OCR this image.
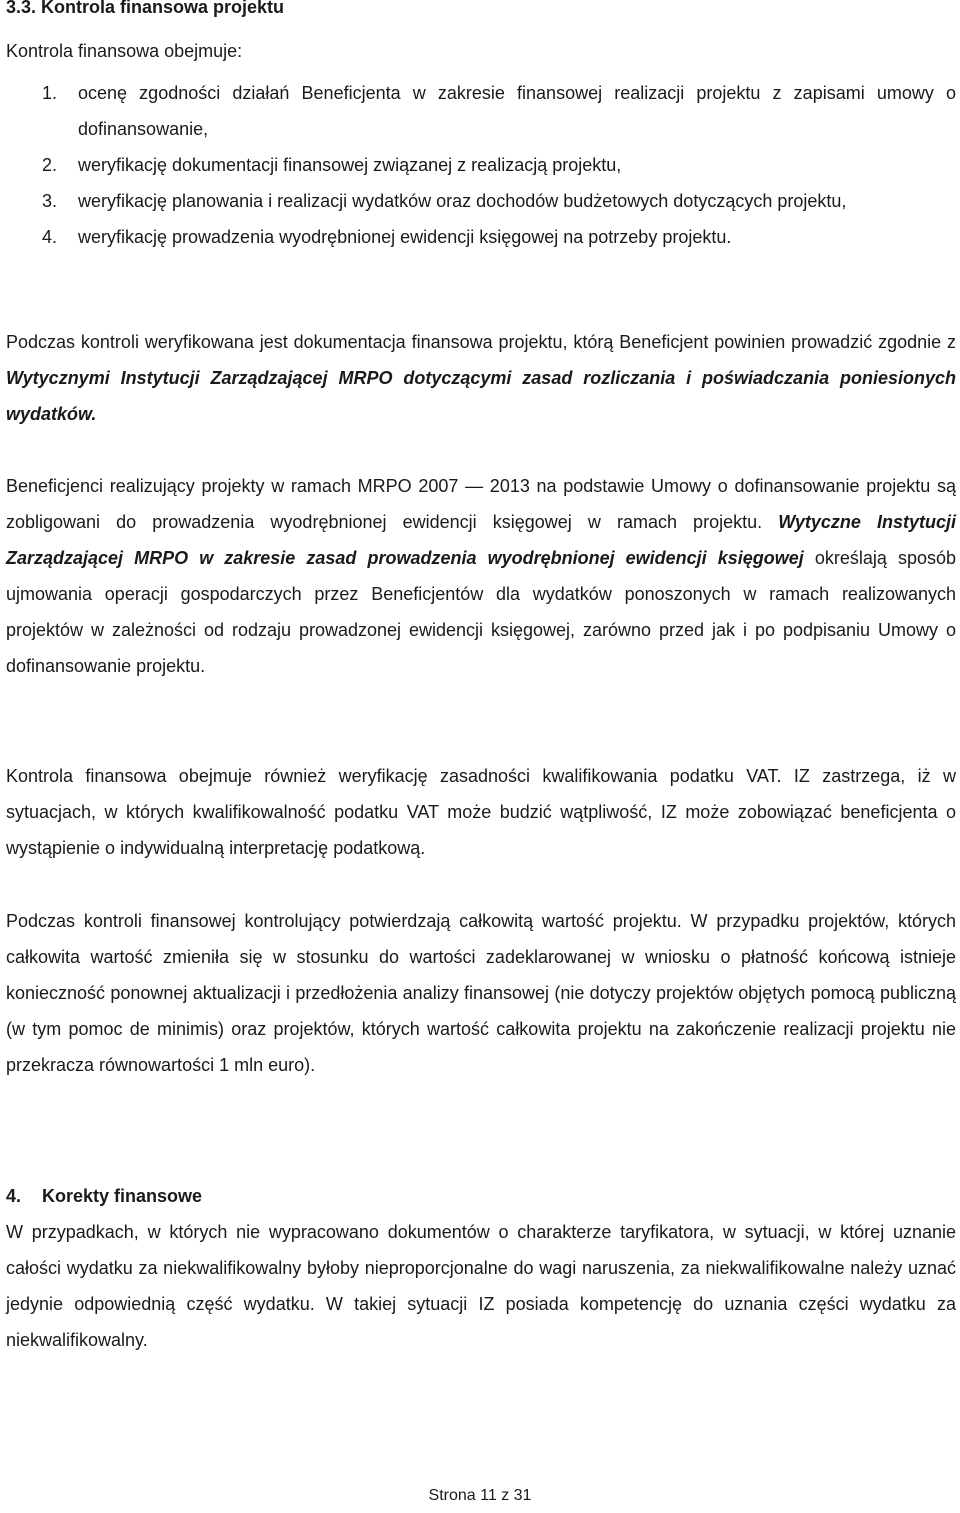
3.3. Kontrola finansowa projektu
Kontrola finansowa obejmuje:
1. ocenę zgodności działań Beneficjenta w zakresie finansowej realizacji projektu z zapisami umowy o dofinansowanie,
2. weryfikację dokumentacji finansowej związanej z realizacją projektu,
3. weryfikację planowania i realizacji wydatków oraz dochodów budżetowych dotyczących projektu,
4. weryfikację prowadzenia wyodrębnionej ewidencji księgowej na potrzeby projektu.
Podczas kontroli weryfikowana jest dokumentacja finansowa projektu, którą Beneficjent powinien prowadzić zgodnie z Wytycznymi Instytucji Zarządzającej MRPO dotyczącymi zasad rozliczania i poświadczania poniesionych wydatków.
Beneficjenci realizujący projekty w ramach MRPO 2007 — 2013 na podstawie Umowy o dofinansowanie projektu są zobligowani do prowadzenia wyodrębnionej ewidencji księgowej w ramach projektu. Wytyczne Instytucji Zarządzającej MRPO w zakresie zasad prowadzenia wyodrębnionej ewidencji księgowej określają sposób ujmowania operacji gospodarczych przez Beneficjentów dla wydatków ponoszonych w ramach realizowanych projektów w zależności od rodzaju prowadzonej ewidencji księgowej, zarówno przed jak i po podpisaniu Umowy o dofinansowanie projektu.
Kontrola finansowa obejmuje również weryfikację zasadności kwalifikowania podatku VAT. IZ zastrzega, iż w sytuacjach, w których kwalifikowalność podatku VAT może budzić wątpliwość, IZ może zobowiązać beneficjenta o wystąpienie o indywidualną interpretację podatkową.
Podczas kontroli finansowej kontrolujący potwierdzają całkowitą wartość projektu. W przypadku projektów, których całkowita wartość zmieniła się w stosunku do wartości zadeklarowanej w wniosku o płatność końcową istnieje konieczność ponownej aktualizacji i przedłożenia analizy finansowej (nie dotyczy projektów objętych pomocą publiczną (w tym pomoc de minimis) oraz projektów, których wartość całkowita projektu na zakończenie realizacji projektu nie przekracza równowartości 1 mln euro).
4. Korekty finansowe
W przypadkach, w których nie wypracowano dokumentów o charakterze taryfikatora, w sytuacji, w której uznanie całości wydatku za niekwalifikowalny byłoby nieproporcjonalne do wagi naruszenia, za niekwalifikowalne należy uznać jedynie odpowiednią część wydatku. W takiej sytuacji IZ posiada kompetencję do uznania części wydatku za niekwalifikowalny.
Strona 11 z 31
